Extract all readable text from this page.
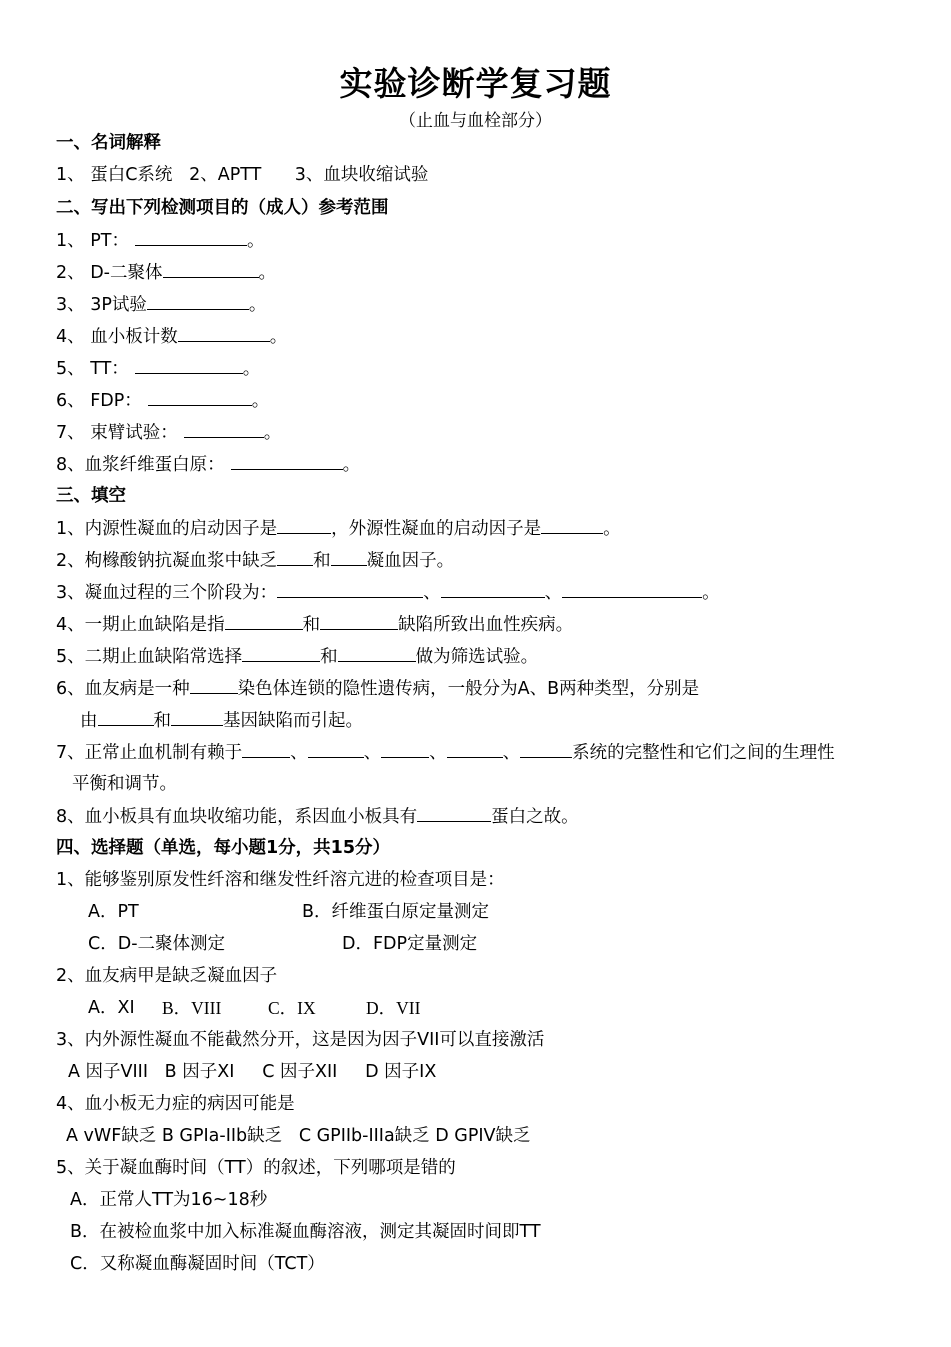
实验诊断学复习题
（止血与血栓部分）
一、名词解释
1、 蛋白C系统   2、APTT      3、血块收缩试验
二、写出下列检测项目的（成人）参考范围
1、 PT：	。
2、 D-二聚体	。
3、 3P试验	。
4、 血小板计数	。
5、 TT：	。
6、 FDP：	。
7、 束臂试验：	。
8、血浆纤维蛋白原：	。
三、填空
1、内源性凝血的启动因子是	，外源性凝血的启动因子是	。
2、枸橼酸钠抗凝血浆中缺乏 和 凝血因子。
3、凝血过程的三个阶段为：	、	、	。
4、一期止血缺陷是指	和	缺陷所致出血性疾病。
5、二期止血缺陷常选择	和	做为筛选试验。
6、血友病是一种	染色体连锁的隐性遗传病，一般分为A、B两种类型，分别是
由	和	基因缺陷而引起。
7、正常止血机制有赖于	、	、	、	、	系统的完整性和它们之间的生理性
平衡和调节。
8、血小板具有血块收缩功能，系因血小板具有	蛋白之故。
四、选择题（单选，每小题1分，共15分）
1、能够鉴别原发性纤溶和继发性纤溶亢进的检查项目是：
A．PT	B．纤维蛋白原定量测定
C．D-二聚体测定	D．FDP定量测定
2、血友病甲是缺乏凝血因子
A．XI B．VIII	C．IX	D．VII
3、内外源性凝血不能截然分开，这是因为因子VII可以直接激活
A 因子VIII   B 因子XI     C 因子XII     D 因子IX
4、血小板无力症的病因可能是
A vWF缺乏 B GPIa-IIb缺乏   C GPIIb-IIIa缺乏 D GPIV缺乏
5、关于凝血酶时间（TT）的叙述，下列哪项是错的
A．正常人TT为16~18秒
B．在被检血浆中加入标准凝血酶溶液，测定其凝固时间即TT
C．又称凝血酶凝固时间（TCT）
